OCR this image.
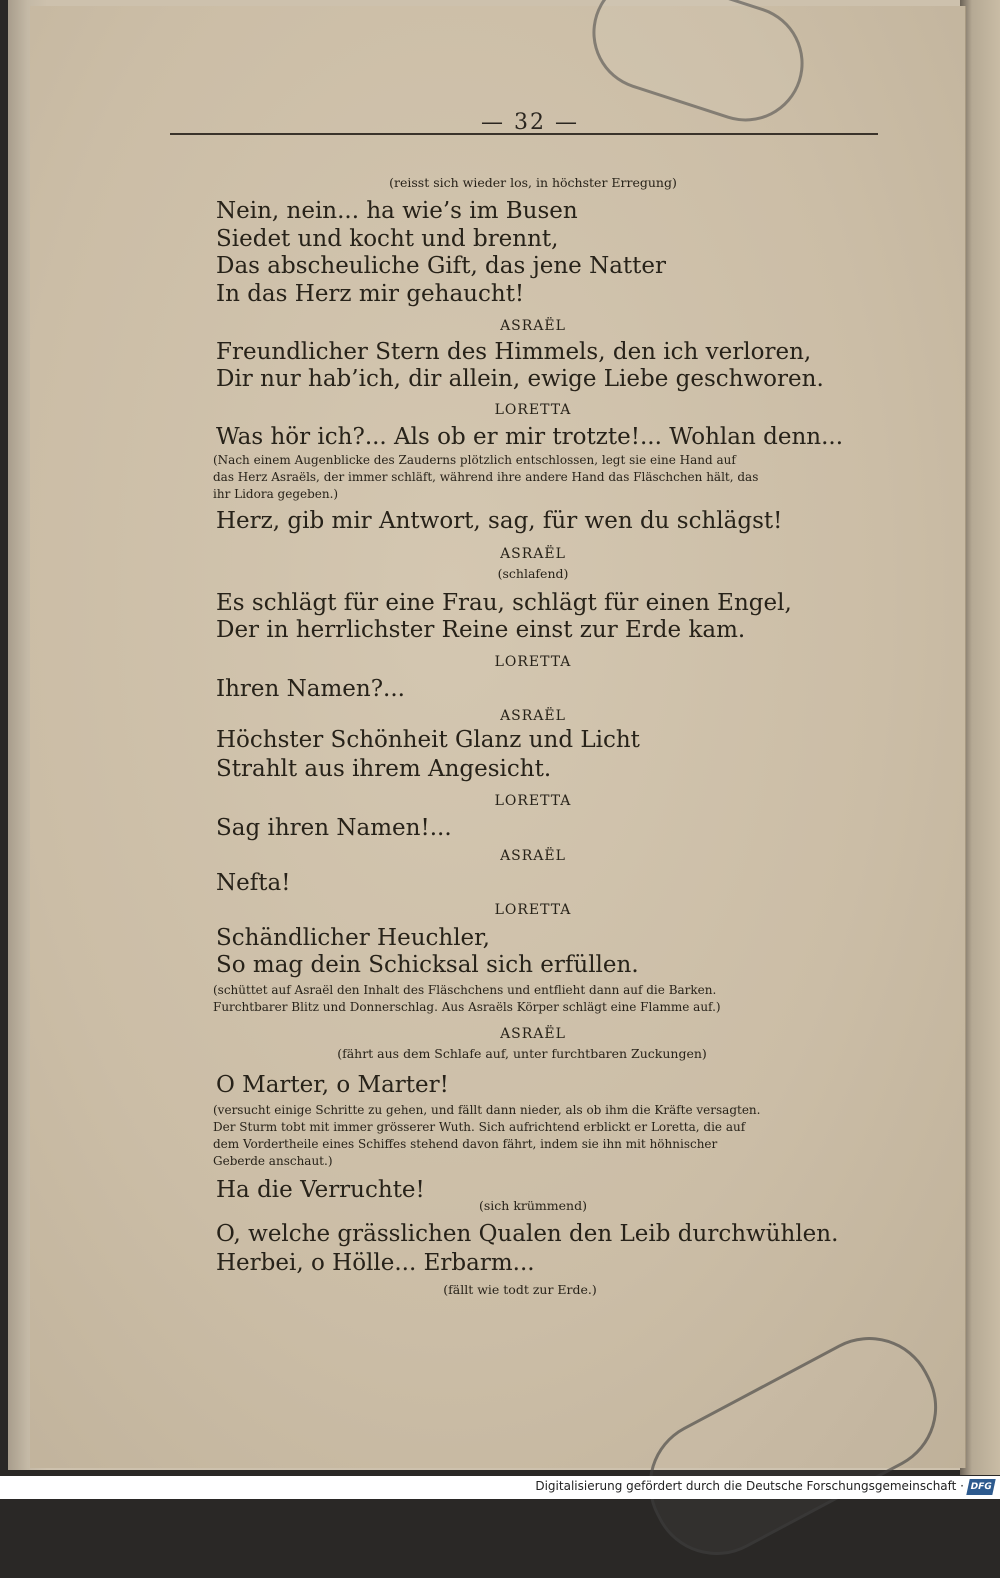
— 32 —
(reisst sich wieder los, in höchster Erregung)
Nein, nein... ha wie’s im Busen
Siedet und kocht und brennt,
Das abscheuliche Gift, das jene Natter
In das Herz mir gehaucht!
ASRAËL
Freundlicher Stern des Himmels, den ich verloren,
Dir nur hab’ich, dir allein, ewige Liebe geschworen.
LORETTA
Was hör ich?... Als ob er mir trotzte!... Wohlan denn...
(Nach einem Augenblicke des Zauderns plötzlich entschlossen, legt sie eine Hand auf
das Herz Asraëls, der immer schläft, während ihre andere Hand das Fläschchen hält, das
ihr Lidora gegeben.)
Herz, gib mir Antwort, sag, für wen du schlägst!
ASRAËL
(schlafend)
Es schlägt für eine Frau, schlägt für einen Engel,
Der in herrlichster Reine einst zur Erde kam.
LORETTA
Ihren Namen?...
ASRAËL
Höchster Schönheit Glanz und Licht
Strahlt aus ihrem Angesicht.
LORETTA
Sag ihren Namen!...
ASRAËL
Nefta!
LORETTA
Schändlicher Heuchler,
So mag dein Schicksal sich erfüllen.
(schüttet auf Asraël den Inhalt des Fläschchens und entflieht dann auf die Barken.
Furchtbarer Blitz und Donnerschlag. Aus Asraëls Körper schlägt eine Flamme auf.)
ASRAËL
(fährt aus dem Schlafe auf, unter furchtbaren Zuckungen)
O Marter, o Marter!
(versucht einige Schritte zu gehen, und fällt dann nieder, als ob ihm die Kräfte versagten.
Der Sturm tobt mit immer grösserer Wuth. Sich aufrichtend erblickt er Loretta, die auf
dem Vordertheile eines Schiffes stehend davon fährt, indem sie ihn mit höhnischer
Geberde anschaut.)
Ha die Verruchte!
(sich krümmend)
O, welche grässlichen Qualen den Leib durchwühlen.
Herbei, o Hölle... Erbarm...
(fällt wie todt zur Erde.)
Digitalisierung gefördert durch die Deutsche Forschungsgemeinschaft · DFG
